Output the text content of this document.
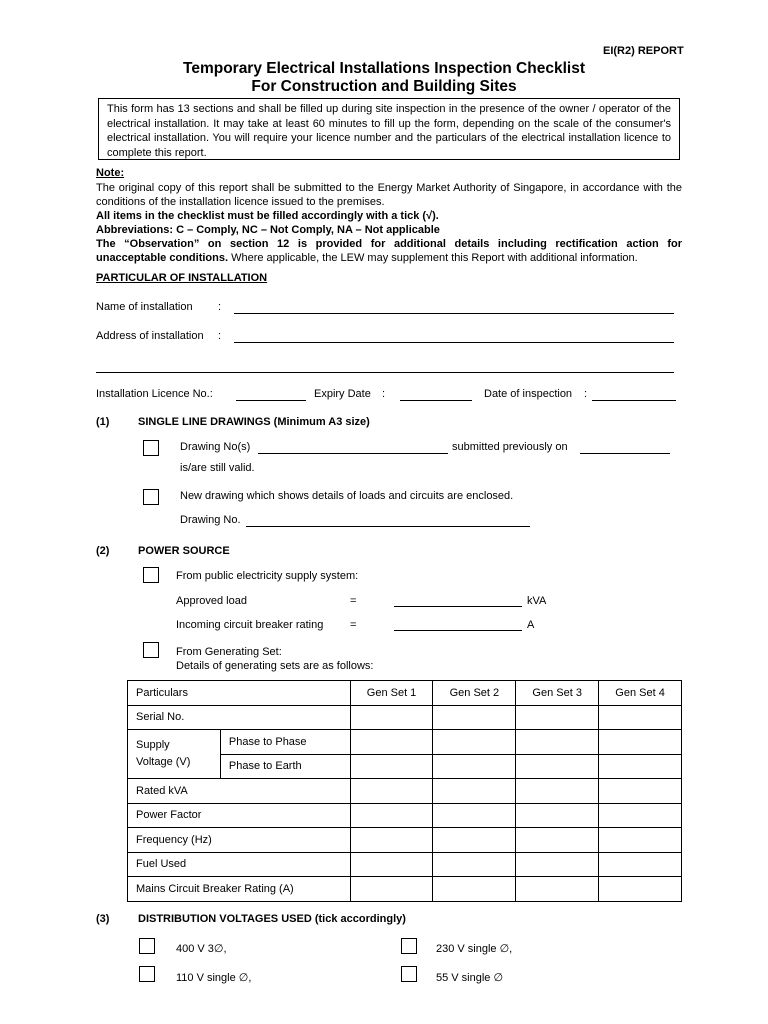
EI(R2) REPORT
Temporary Electrical Installations Inspection Checklist
For Construction and Building Sites
This form has 13 sections and shall be filled up during site inspection in the presence of the owner / operator of the electrical installation. It may take at least 60 minutes to fill up the form, depending on the scale of the consumer's electrical installation. You will require your licence number and the particulars of the electrical installation licence to complete this report.
Note:
The original copy of this report shall be submitted to the Energy Market Authority of Singapore, in accordance with the conditions of the installation licence issued to the premises.
All items in the checklist must be filled accordingly with a tick (√).
Abbreviations: C – Comply, NC – Not Comply, NA – Not applicable
The “Observation” on section 12 is provided for additional details including rectification action for unacceptable conditions. Where applicable, the LEW may supplement this Report with additional information.
PARTICULAR OF INSTALLATION
Name of installation :
Address of installation :
Installation Licence No.:	Expiry Date :	Date of inspection :
(1)	SINGLE LINE DRAWINGS (Minimum A3 size)
Drawing No(s)	submitted previously on
is/are still valid.
New drawing which shows details of loads and circuits are enclosed.
Drawing No.
(2)	POWER SOURCE
From public electricity supply system:
Approved load	=	kVA
Incoming circuit breaker rating =	A
From Generating Set:
Details of generating sets are as follows:
Particulars		Gen Set 1	Gen Set 2	Gen Set 3	Gen Set 4
Serial No.					
Supply
Voltage (V)	Phase to Phase				
	Phase to Earth				
Rated kVA					
Power Factor					
Frequency (Hz)					
Fuel Used					
Mains Circuit Breaker Rating (A)					
(3)	DISTRIBUTION VOLTAGES USED (tick accordingly)
400 V 3∅,	230 V single ∅,
110 V single ∅,	55 V single ∅
